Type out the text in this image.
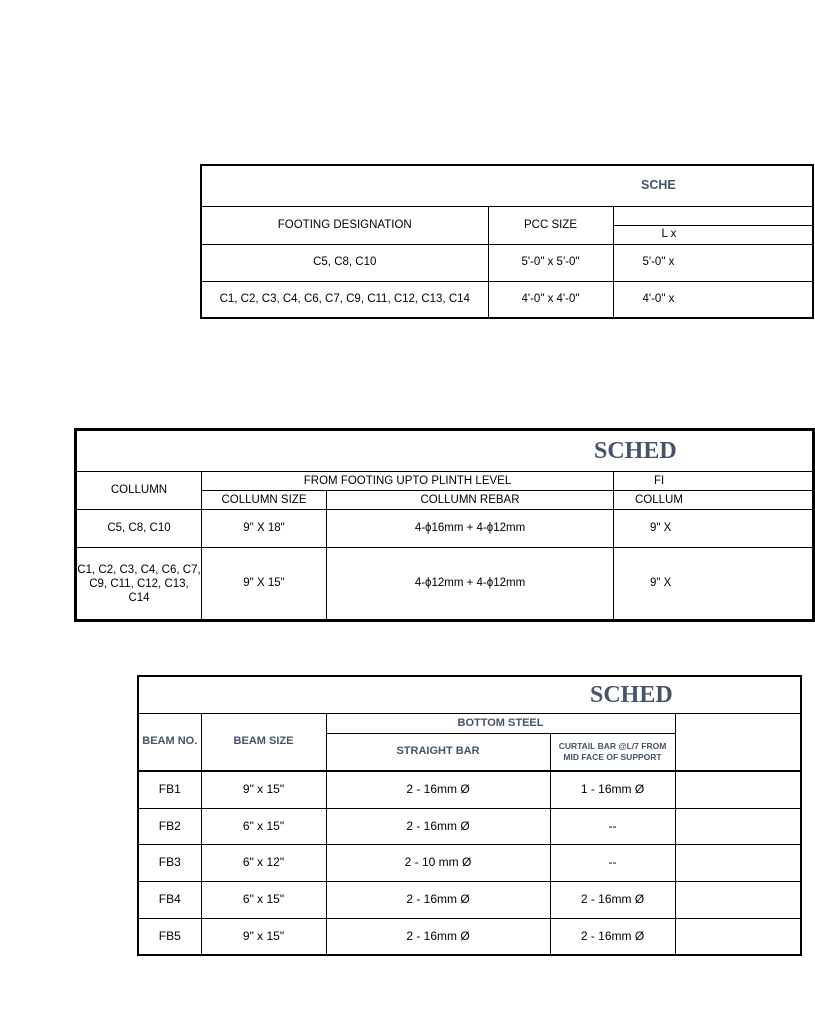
SCHE		
FOOTING DESIGNATION	PCC SIZE	
		L x
C5, C8, C10	5'-0" x 5'-0"	5'-0" x
C1, C2, C3, C4, C6, C7, C9, C11, C12, C13, C14	4'-0" x 4'-0"	4'-0" x
SCHED			
COLLUMN	FROM FOOTING UPTO PLINTH LEVEL		FI
	COLLUMN SIZE	COLLUMN REBAR	COLLUM
C5, C8, C10	9" X 18"	4-ϕ16mm + 4-ϕ12mm	9" X
C1, C2, C3, C4, C6, C7,
C9, C11, C12, C13,
C14	9" X 15"	4-ϕ12mm + 4-ϕ12mm	9" X
SCHED				
BEAM NO.	BEAM SIZE	BOTTOM STEEL		
		STRAIGHT BAR	CURTAIL BAR @L/7 FROM MID FACE OF SUPPORT	
FB1	9" x 15"	2 - 16mm Ø	1 - 16mm Ø	
FB2	6" x 15"	2 - 16mm Ø	--	
FB3	6" x 12"	2 - 10 mm Ø	--	
FB4	6" x 15"	2 - 16mm Ø	2 - 16mm Ø	
FB5	9" x 15"	2 - 16mm Ø	2 - 16mm Ø	
